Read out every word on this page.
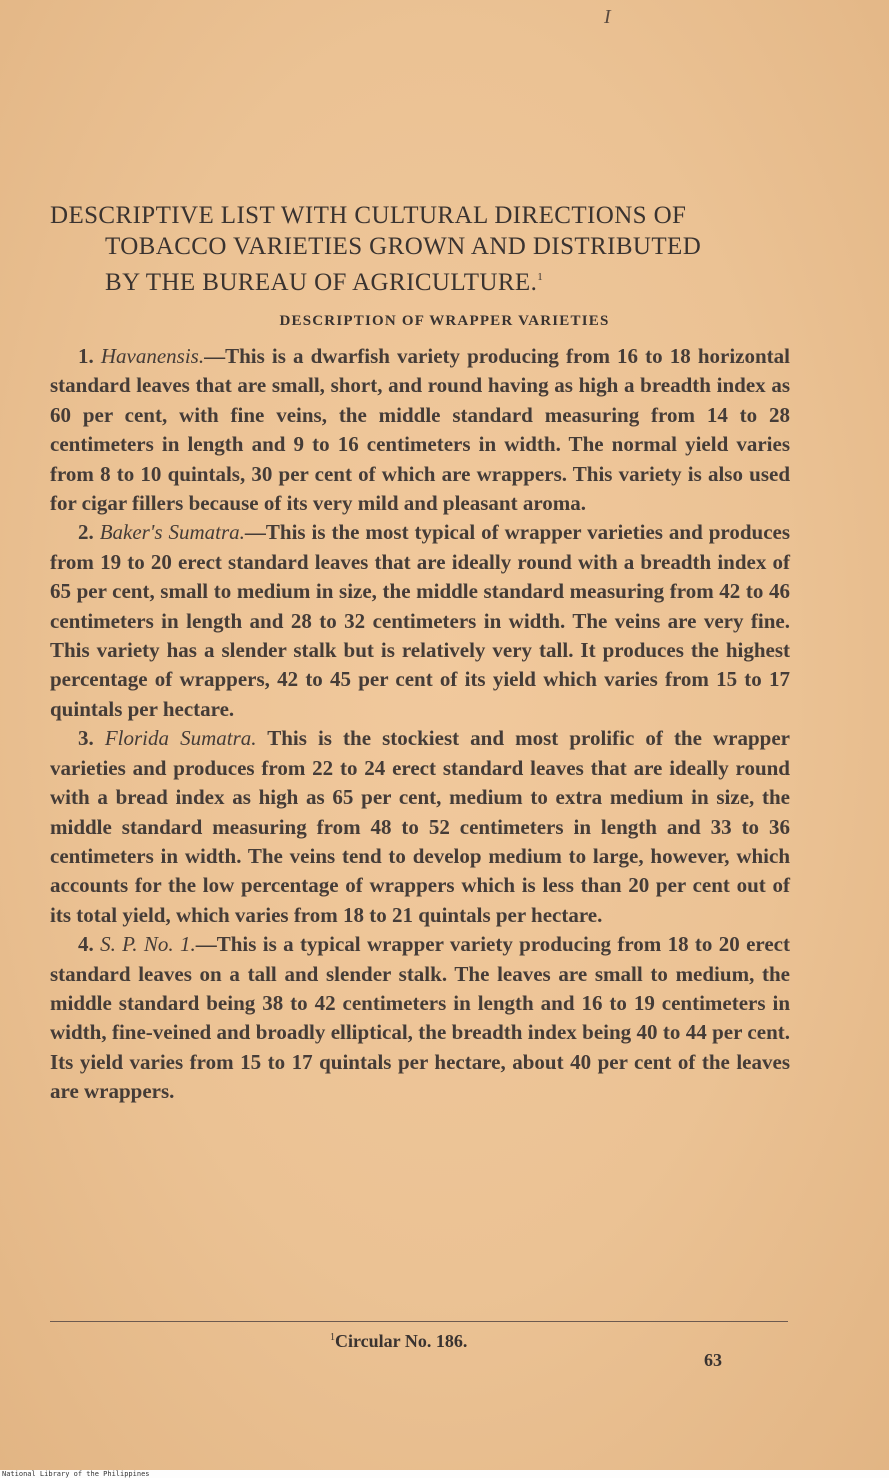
I
DESCRIPTIVE LIST WITH CULTURAL DIRECTIONS OF
TOBACCO VARIETIES GROWN AND DISTRIBUTED
BY THE BUREAU OF AGRICULTURE.$^1$
DESCRIPTION OF WRAPPER VARIETIES

1. Havanensis.—This is a dwarfish variety producing from 16 to 18 horizontal standard leaves that are small, short, and round having as high a breadth index as 60 per cent, with fine veins, the middle standard measuring from 14 to 28 centimeters in length and 9 to 16 centimeters in width. The normal yield varies from 8 to 10 quintals, 30 per cent of which are wrappers. This variety is also used for cigar fillers because of its very mild and pleasant aroma.

2. Baker's Sumatra.—This is the most typical of wrapper varieties and produces from 19 to 20 erect standard leaves that are ideally round with a breadth index of 65 per cent, small to medium in size, the middle standard measuring from 42 to 46 centimeters in length and 28 to 32 centimeters in width. The veins are very fine. This variety has a slender stalk but is relatively very tall. It produces the highest percentage of wrappers, 42 to 45 per cent of its yield which varies from 15 to 17 quintals per hectare.

3. Florida Sumatra. This is the stockiest and most prolific of the wrapper varieties and produces from 22 to 24 erect standard leaves that are ideally round with a bread index as high as 65 per cent, medium to extra medium in size, the middle standard measuring from 48 to 52 centimeters in length and 33 to 36 centimeters in width. The veins tend to develop medium to large, however, which accounts for the low percentage of wrappers which is less than 20 per cent out of its total yield, which varies from 18 to 21 quintals per hectare.

4. S. P. No. 1.—This is a typical wrapper variety producing from 18 to 20 erect standard leaves on a tall and slender stalk. The leaves are small to medium, the middle standard being 38 to 42 centimeters in length and 16 to 19 centimeters in width, fine-veined and broadly elliptical, the breadth index being 40 to 44 per cent. Its yield varies from 15 to 17 quintals per hectare, about 40 per cent of the leaves are wrappers.

$^1$Circular No. 186.
63
National Library of the Philippines
